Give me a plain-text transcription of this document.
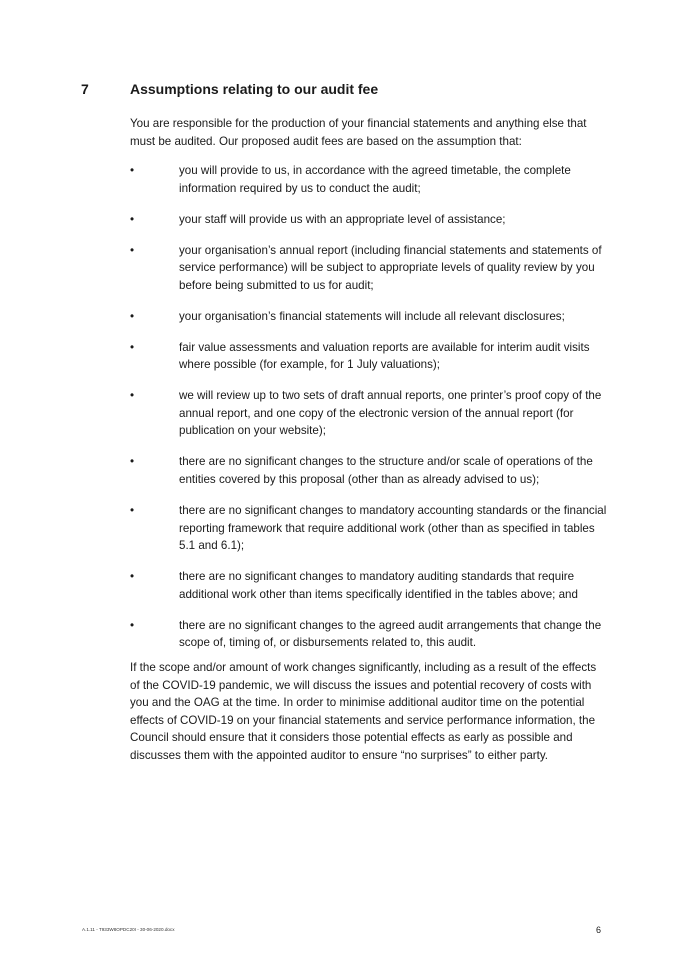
7	Assumptions relating to our audit fee
You are responsible for the production of your financial statements and anything else that must be audited. Our proposed audit fees are based on the assumption that:
•	you will provide to us, in accordance with the agreed timetable, the complete information required by us to conduct the audit;
•	your staff will provide us with an appropriate level of assistance;
•	your organisation’s annual report (including financial statements and statements of service performance) will be subject to appropriate levels of quality review by you before being submitted to us for audit;
•	your organisation’s financial statements will include all relevant disclosures;
•	fair value assessments and valuation reports are available for interim audit visits where possible (for example, for 1 July valuations);
•	we will review up to two sets of draft annual reports, one printer’s proof copy of the annual report, and one copy of the electronic version of the annual report (for publication on your website);
•	there are no significant changes to the structure and/or scale of operations of the entities covered by this proposal (other than as already advised to us);
•	there are no significant changes to mandatory accounting standards or the financial reporting framework that require additional work (other than as specified in tables 5.1 and 6.1);
•	there are no significant changes to mandatory auditing standards that require additional work other than items specifically identified in the tables above; and
•	there are no significant changes to the agreed audit arrangements that change the scope of, timing of, or disbursements related to, this audit.
If the scope and/or amount of work changes significantly, including as a result of the effects of the COVID-19 pandemic, we will discuss the issues and potential recovery of costs with you and the OAG at the time. In order to minimise additional auditor time on the potential effects of COVID-19 on your financial statements and service performance information, the Council should ensure that it considers those potential effects as early as possible and discusses them with the appointed auditor to ensure “no surprises” to either party.
A.1.11 - T933W8OPDC20I - 30-06-2020.docx	6
